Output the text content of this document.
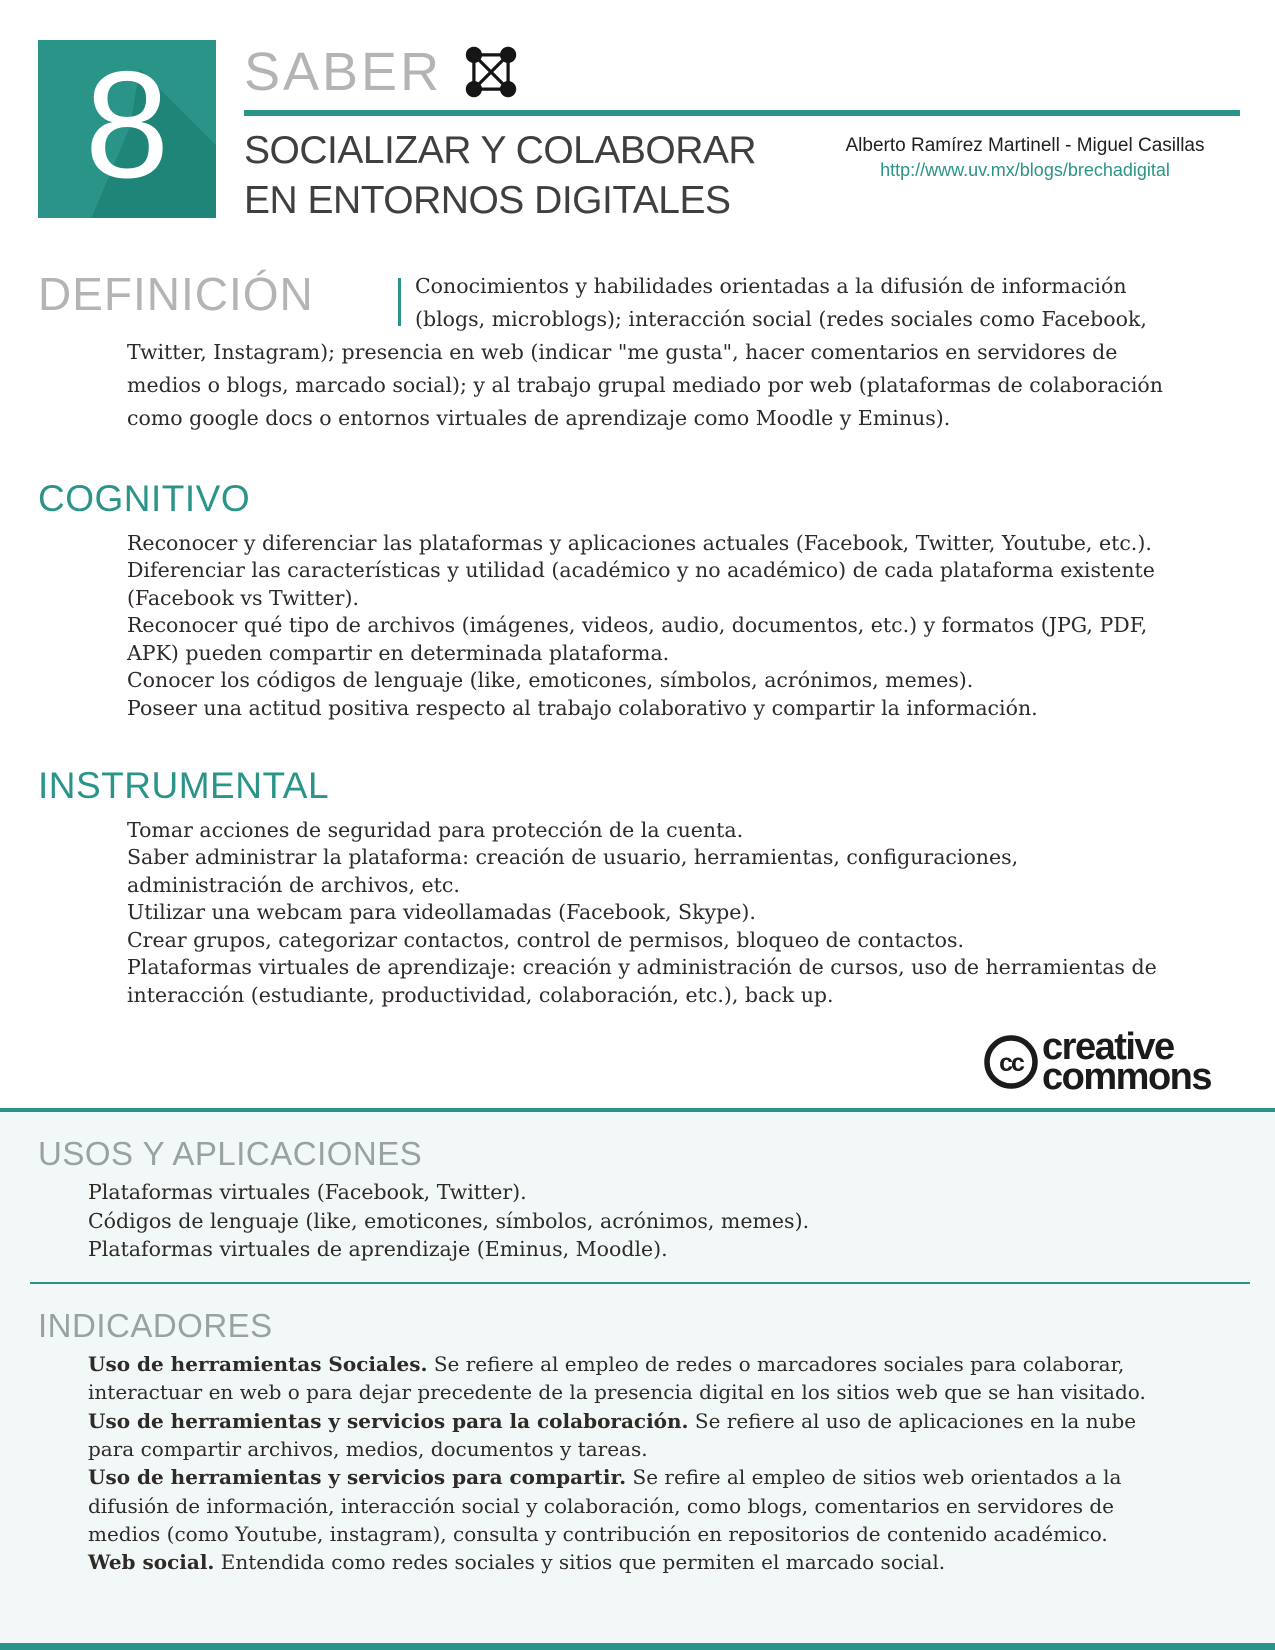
8 SABER
SOCIALIZAR Y COLABORAR
EN ENTORNOS DIGITALES
Alberto Ramírez Martinell - Miguel Casillas
http://www.uv.mx/blogs/brechadigital
DEFINICIÓN	Conocimientos y habilidades orientadas a la difusión de información (blogs, microblogs); interacción social (redes sociales como Facebook, Twitter, Instagram); presencia en web (indicar "me gusta", hacer comentarios en servidores de medios o blogs, marcado social); y al trabajo grupal mediado por web (plataformas de colaboración como google docs o entornos virtuales de aprendizaje como Moodle y Eminus).

COGNITIVO
Reconocer y diferenciar las plataformas y aplicaciones actuales (Facebook, Twitter, Youtube, etc.).
Diferenciar las características y utilidad (académico y no académico) de cada plataforma existente (Facebook vs Twitter).
Reconocer qué tipo de archivos (imágenes, videos, audio, documentos, etc.) y formatos (JPG, PDF, APK) pueden compartir en determinada plataforma.
Conocer los códigos de lenguaje (like, emoticones, símbolos, acrónimos, memes).
Poseer una actitud positiva respecto al trabajo colaborativo y compartir la información.
INSTRUMENTAL
Tomar acciones de seguridad para protección de la cuenta.
Saber administrar la plataforma: creación de usuario, herramientas, configuraciones, administración de archivos, etc.
Utilizar una webcam para videollamadas (Facebook, Skype).
Crear grupos, categorizar contactos, control de permisos, bloqueo de contactos.
Plataformas virtuales de aprendizaje: creación y administración de cursos, uso de herramientas de interacción (estudiante, productividad, colaboración, etc.), back up.
cc creative
commons
USOS Y APLICACIONES
Plataformas virtuales (Facebook, Twitter).
Códigos de lenguaje (like, emoticones, símbolos, acrónimos, memes).
Plataformas virtuales de aprendizaje (Eminus, Moodle).
INDICADORES

Uso de herramientas Sociales. Se refiere al empleo de redes o marcadores sociales para colaborar, interactuar en web o para dejar precedente de la presencia digital en los sitios web que se han visitado.

Uso de herramientas y servicios para la colaboración. Se refiere al uso de aplicaciones en la nube para compartir archivos, medios, documentos y tareas.

Uso de herramientas y servicios para compartir. Se refire al empleo de sitios web orientados a la difusión de información, interacción social y colaboración, como blogs, comentarios en servidores de medios (como Youtube, instagram), consulta y contribución en repositorios de contenido académico.

Web social. Entendida como redes sociales y sitios que permiten el marcado social.
